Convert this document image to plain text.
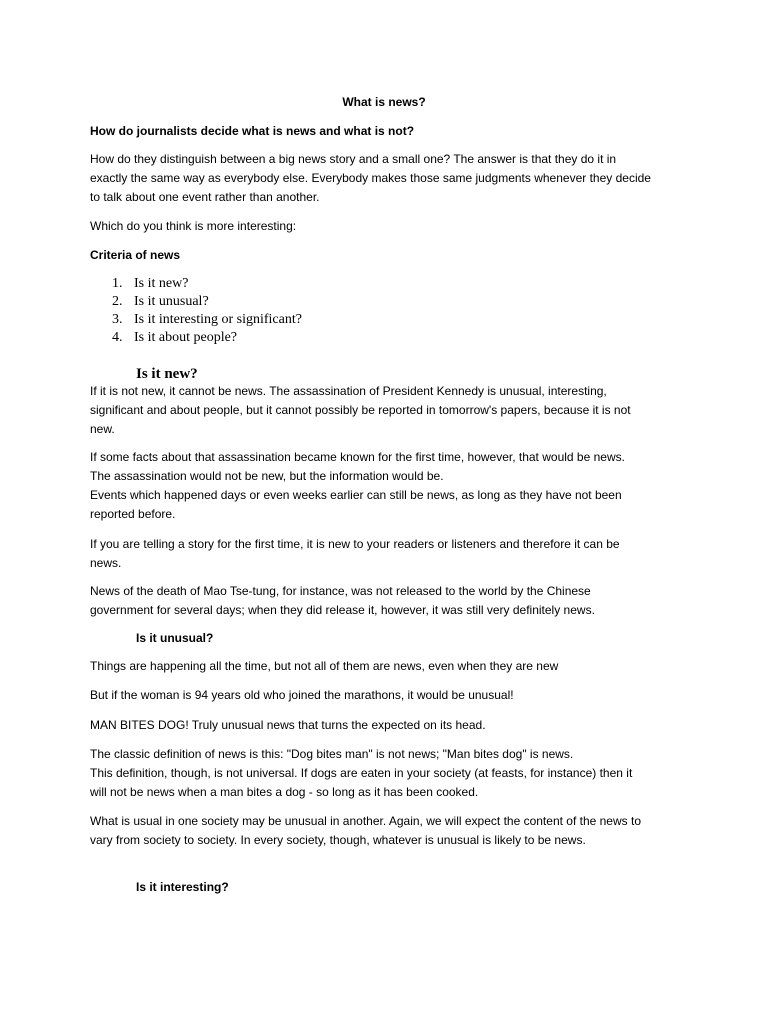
What is news?

How do journalists decide what is news and what is not?

How do they distinguish between a big news story and a small one? The answer is that they do it in
exactly the same way as everybody else. Everybody makes those same judgments whenever they decide
to talk about one event rather than another.

Which do you think is more interesting:

Criteria of news

1. Is it new?
2. Is it unusual?
3. Is it interesting or significant?
4. Is it about people?
Is it new?

If it is not new, it cannot be news. The assassination of President Kennedy is unusual, interesting,
significant and about people, but it cannot possibly be reported in tomorrow's papers, because it is not
new.

If some facts about that assassination became known for the first time, however, that would be news.
The assassination would not be new, but the information would be.
Events which happened days or even weeks earlier can still be news, as long as they have not been
reported before.

If you are telling a story for the first time, it is new to your readers or listeners and therefore it can be
news.

News of the death of Mao Tse-tung, for instance, was not released to the world by the Chinese
government for several days; when they did release it, however, it was still very definitely news.

Is it unusual?

Things are happening all the time, but not all of them are news, even when they are new

But if the woman is 94 years old who joined the marathons, it would be unusual!

MAN BITES DOG! Truly unusual news that turns the expected on its head.

The classic definition of news is this: "Dog bites man" is not news; "Man bites dog" is news.
This definition, though, is not universal. If dogs are eaten in your society (at feasts, for instance) then it
will not be news when a man bites a dog - so long as it has been cooked.

What is usual in one society may be unusual in another. Again, we will expect the content of the news to
vary from society to society. In every society, though, whatever is unusual is likely to be news.

Is it interesting?
